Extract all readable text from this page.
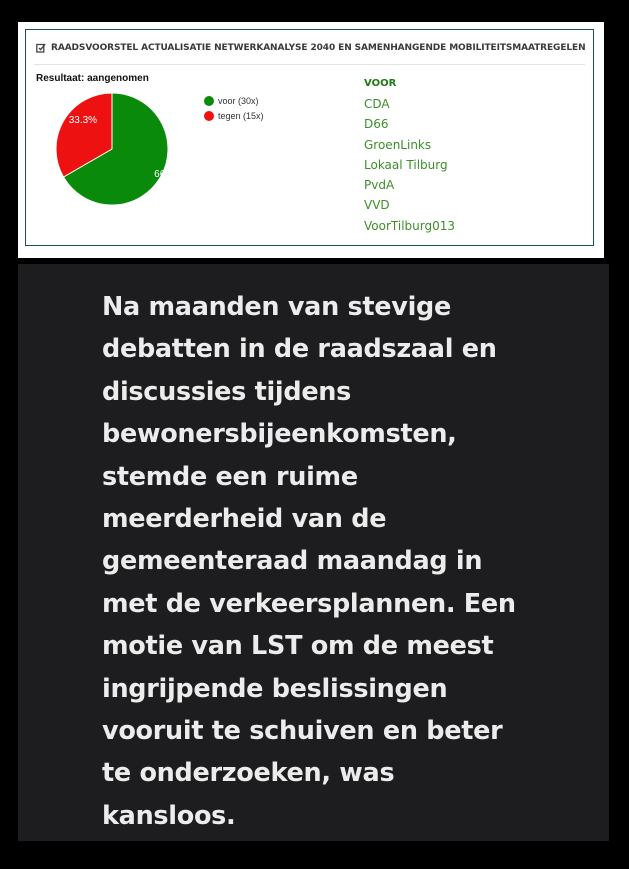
RAADSVOORSTEL ACTUALISATIE NETWERKANALYSE 2040 EN SAMENHANGENDE MOBILITEITSMAATREGELEN
Resultaat: aangenomen
66
33.3%
voor (30x)
tegen (15x)
VOOR
CDA
D66
GroenLinks
Lokaal Tilburg
PvdA
VVD
VoorTilburg013
Na maanden van stevige
debatten in de raadszaal en
discussies tijdens
bewonersbijeenkomsten,
stemde een ruime
meerderheid van de
gemeenteraad maandag in
met de verkeersplannen. Een
motie van LST om de meest
ingrijpende beslissingen
vooruit te schuiven en beter
te onderzoeken, was
kansloos.
